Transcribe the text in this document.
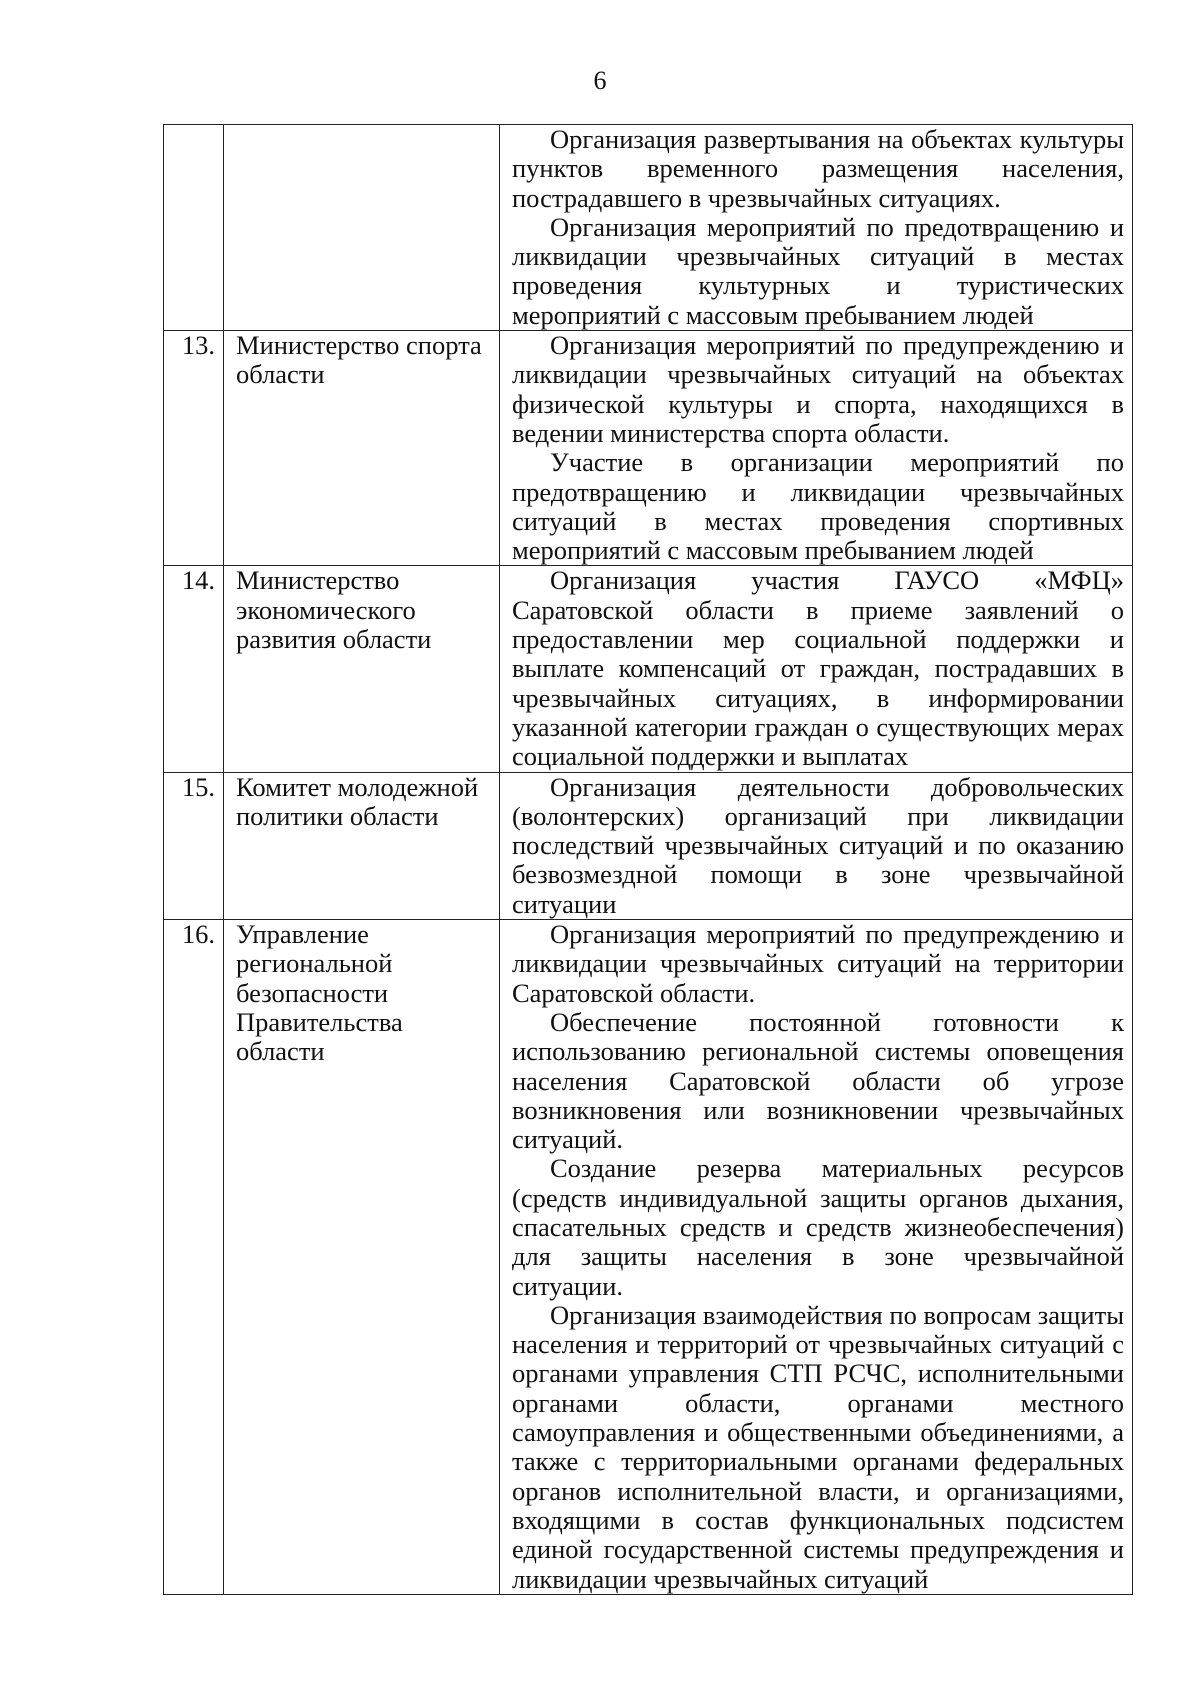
6

		Организация развертывания на объектах культуры пунктов временного размещения населения, пострадавшего в чрезвычайных ситуациях.

Организация мероприятий по предотвращению и ликвидации чрезвычайных ситуаций в местах проведения культурных и туристических мероприятий с массовым пребыванием людей

13.	Министерство спорта области	Организация мероприятий по предупреждению и ликвидации чрезвычайных ситуаций на объектах физической культуры и спорта, находящихся в ведении министерства спорта области.

Участие в организации мероприятий по предотвращению и ликвидации чрезвычайных ситуаций в местах проведения спортивных мероприятий с массовым пребыванием людей

14.	Министерство экономического развития области	Организация участия ГАУСО «МФЦ» Саратовской области в приеме заявлений о предоставлении мер социальной поддержки и выплате компенсаций от граждан, пострадавших в чрезвычайных ситуациях, в информировании указанной категории граждан о существующих мерах социальной поддержки и выплатах

15.	Комитет молодежной политики области	Организация деятельности добровольческих (волонтерских) организаций при ликвидации последствий чрезвычайных ситуаций и по оказанию безвозмездной помощи в зоне чрезвычайной ситуации

16.	Управление региональной безопасности Правительства области	Организация мероприятий по предупреждению и ликвидации чрезвычайных ситуаций на территории Саратовской области.

Обеспечение постоянной готовности к использованию региональной системы оповещения населения Саратовской области об угрозе возникновения или возникновении чрезвычайных ситуаций.

Создание резерва материальных ресурсов (средств индивидуальной защиты органов дыхания, спасательных средств и средств жизнеобеспечения) для защиты населения в зоне чрезвычайной ситуации.

Организация взаимодействия по вопросам защиты населения и территорий от чрезвычайных ситуаций с органами управления СТП РСЧС, исполнительными органами области, органами местного самоуправления и общественными объединениями, а также с территориальными органами федеральных органов исполнительной власти, и организациями, входящими в состав функциональных подсистем единой государственной системы предупреждения и ликвидации чрезвычайных ситуаций
